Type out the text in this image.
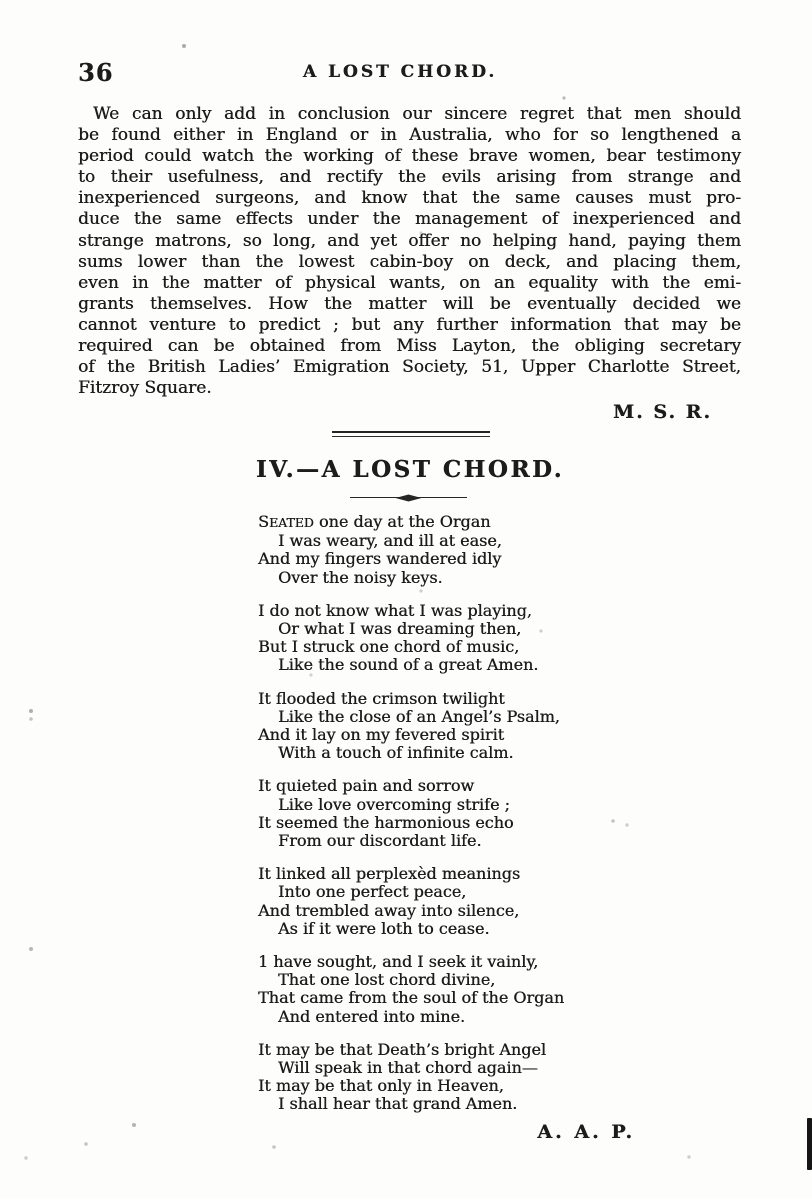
36	A LOST CHORD.
We can only add in conclusion our sincere regret that men should
be found either in England or in Australia, who for so lengthened a
period could watch the working of these brave women, bear testimony
to their usefulness, and rectify the evils arising from strange and
inexperienced surgeons, and know that the same causes must pro-
duce the same effects under the management of inexperienced and
strange matrons, so long, and yet offer no helping hand, paying them
sums lower than the lowest cabin-boy on deck, and placing them,
even in the matter of physical wants, on an equality with the emi-
grants themselves. How the matter will be eventually decided we
cannot venture to predict ; but any further information that may be
required can be obtained from Miss Layton, the obliging secretary
of the British Ladies’ Emigration Society, 51, Upper Charlotte Street,
Fitzroy Square.
M. S. R.
IV.—A LOST CHORD.
SEATED one day at the Organ
I was weary, and ill at ease,
And my fingers wandered idly
Over the noisy keys.
I do not know what I was playing,
Or what I was dreaming then,
But I struck one chord of music,
Like the sound of a great Amen.
It flooded the crimson twilight
Like the close of an Angel’s Psalm,
And it lay on my fevered spirit
With a touch of infinite calm.
It quieted pain and sorrow
Like love overcoming strife ;
It seemed the harmonious echo
From our discordant life.
It linked all perplexèd meanings
Into one perfect peace,
And trembled away into silence,
As if it were loth to cease.
1 have sought, and I seek it vainly,
That one lost chord divine,
That came from the soul of the Organ
And entered into mine.
It may be that Death’s bright Angel
Will speak in that chord again—
It may be that only in Heaven,
I shall hear that grand Amen.
A. A. P.
